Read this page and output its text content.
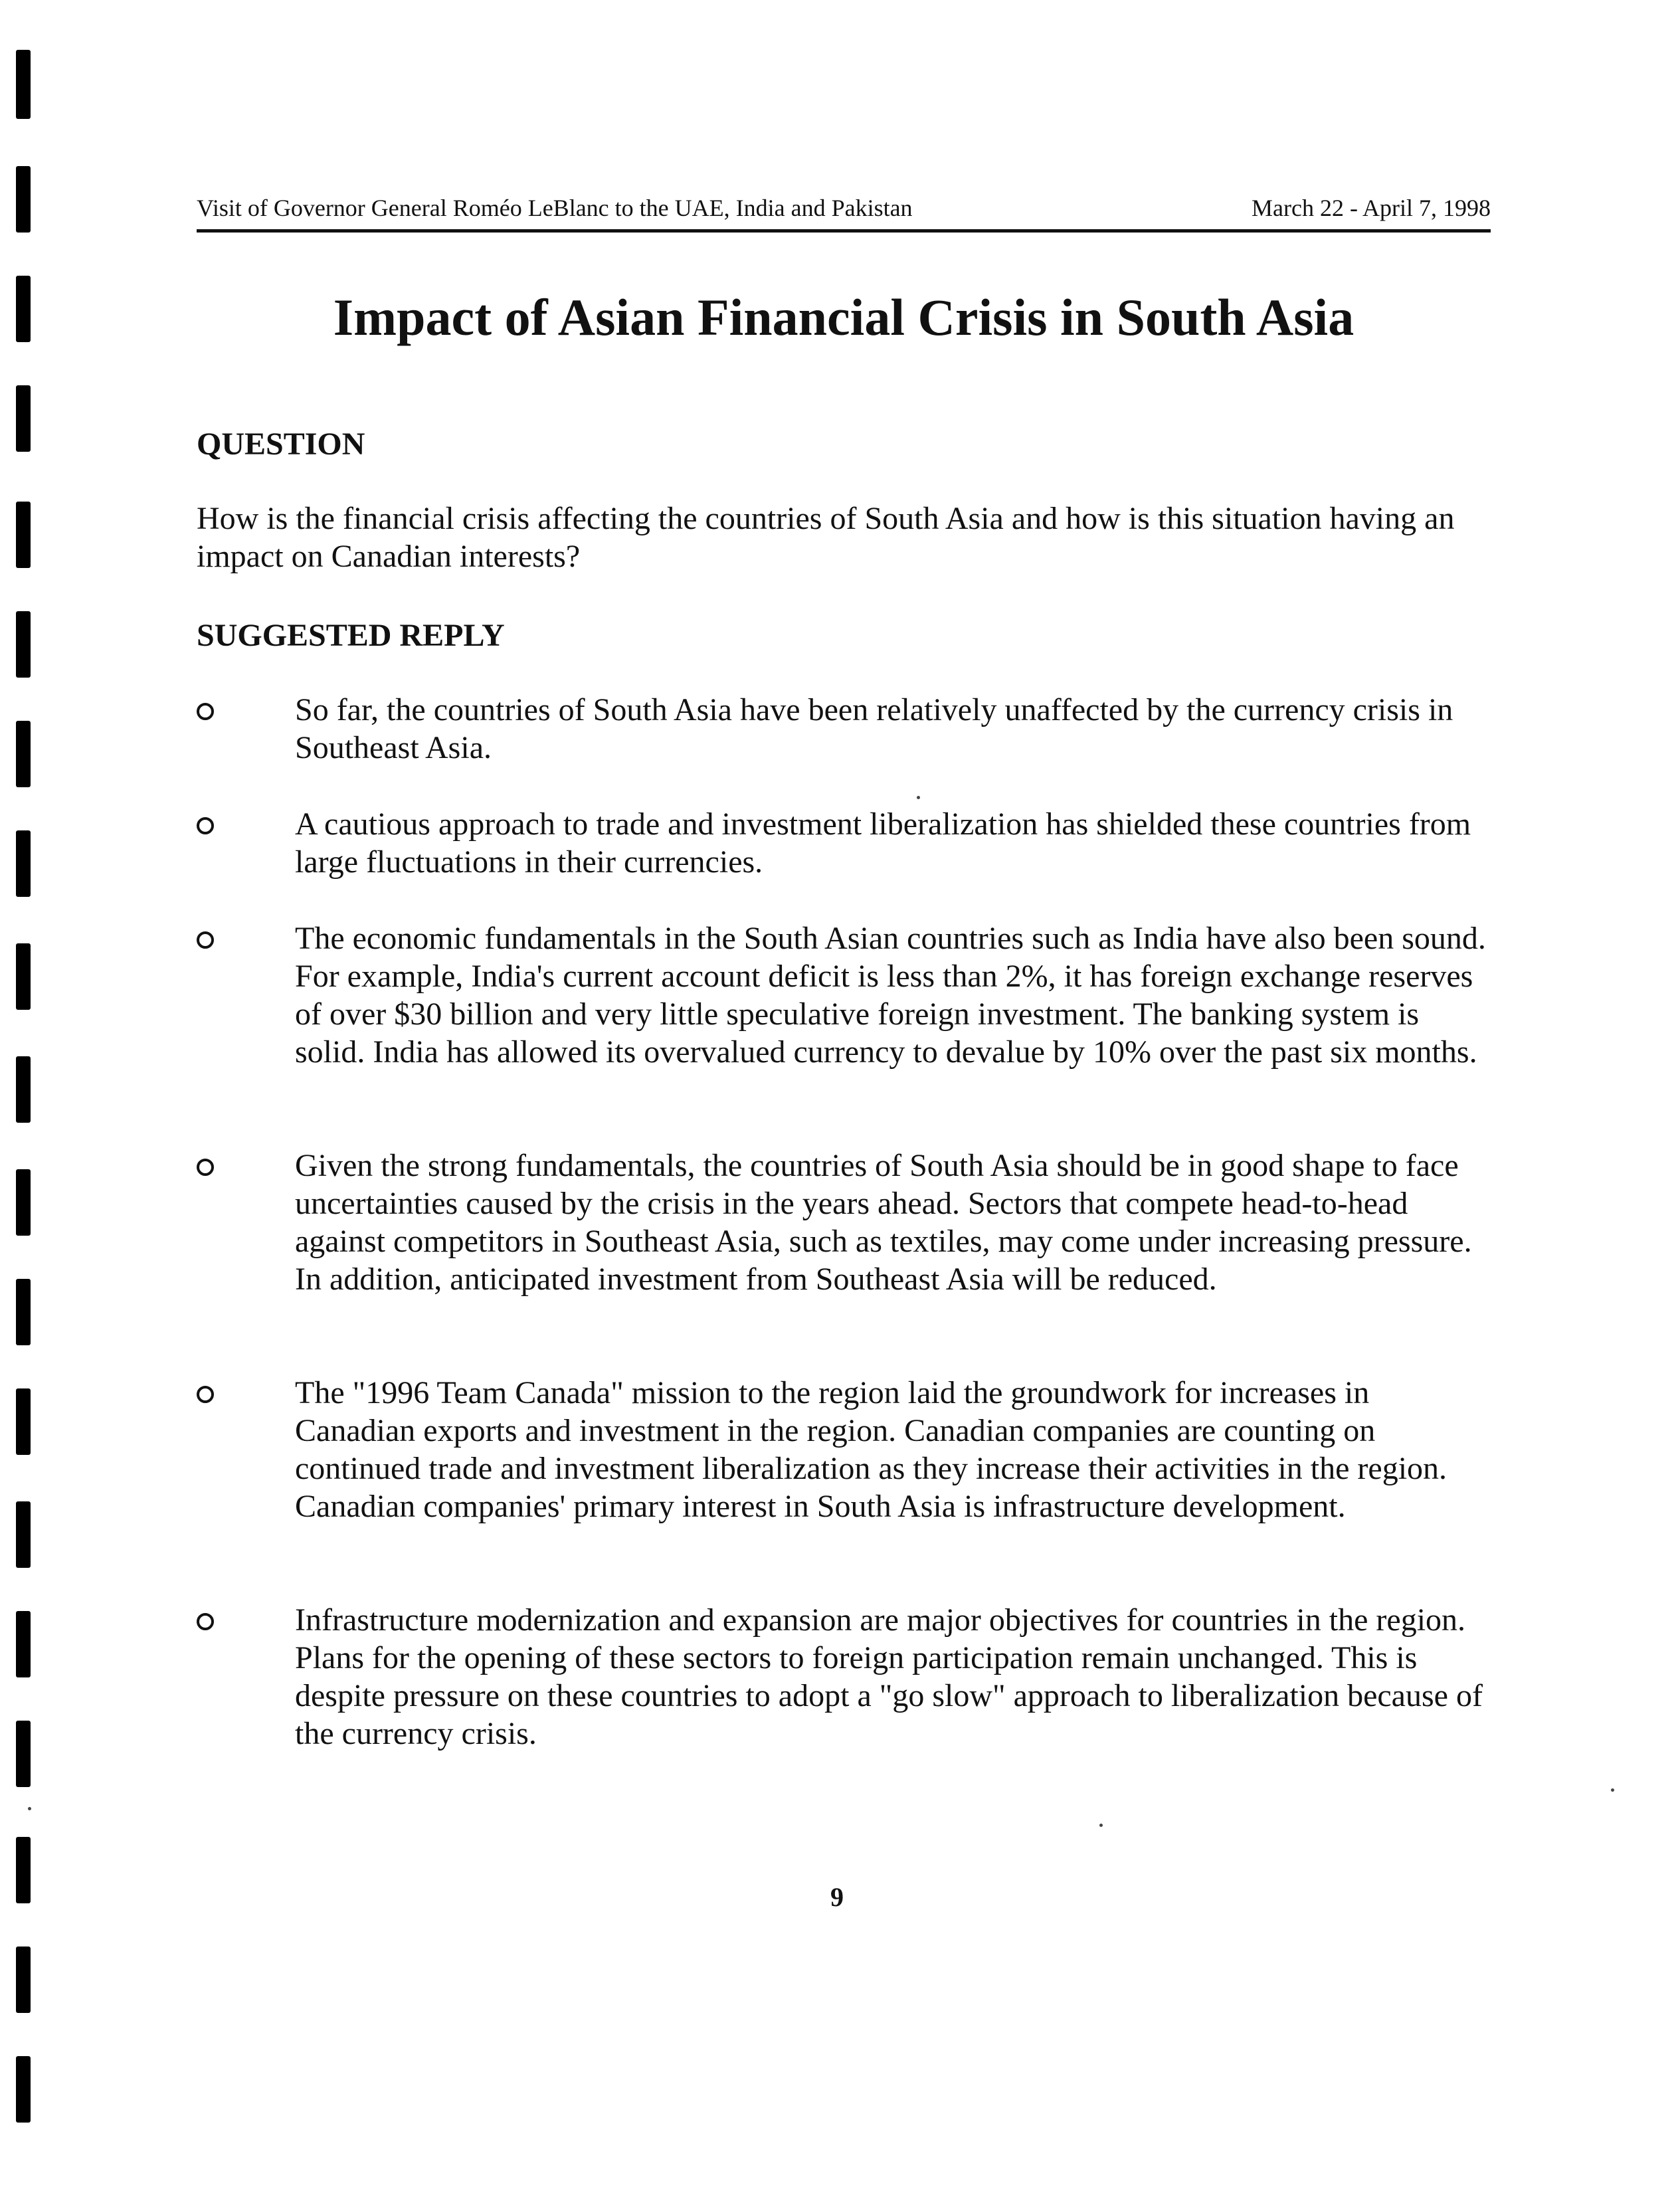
Visit of Governor General Roméo LeBlanc to the UAE, India and Pakistan	March 22 - April 7, 1998
Impact of Asian Financial Crisis in South Asia
QUESTION

How is the financial crisis affecting the countries of South Asia and how is this situation having an impact on Canadian interests?

SUGGESTED REPLY

So far, the countries of South Asia have been relatively unaffected by the currency crisis in Southeast Asia.

A cautious approach to trade and investment liberalization has shielded these countries from large fluctuations in their currencies.

The economic fundamentals in the South Asian countries such as India have also been sound. For example, India's current account deficit is less than 2%, it has foreign exchange reserves of over $30 billion and very little speculative foreign investment. The banking system is solid. India has allowed its overvalued currency to devalue by 10% over the past six months.

Given the strong fundamentals, the countries of South Asia should be in good shape to face uncertainties caused by the crisis in the years ahead. Sectors that compete head-to-head against competitors in Southeast Asia, such as textiles, may come under increasing pressure. In addition, anticipated investment from Southeast Asia will be reduced.

The "1996 Team Canada" mission to the region laid the groundwork for increases in Canadian exports and investment in the region. Canadian companies are counting on continued trade and investment liberalization as they increase their activities in the region. Canadian companies' primary interest in South Asia is infrastructure development.

Infrastructure modernization and expansion are major objectives for countries in the region. Plans for the opening of these sectors to foreign participation remain unchanged. This is despite pressure on these countries to adopt a "go slow" approach to liberalization because of the currency crisis.

9
